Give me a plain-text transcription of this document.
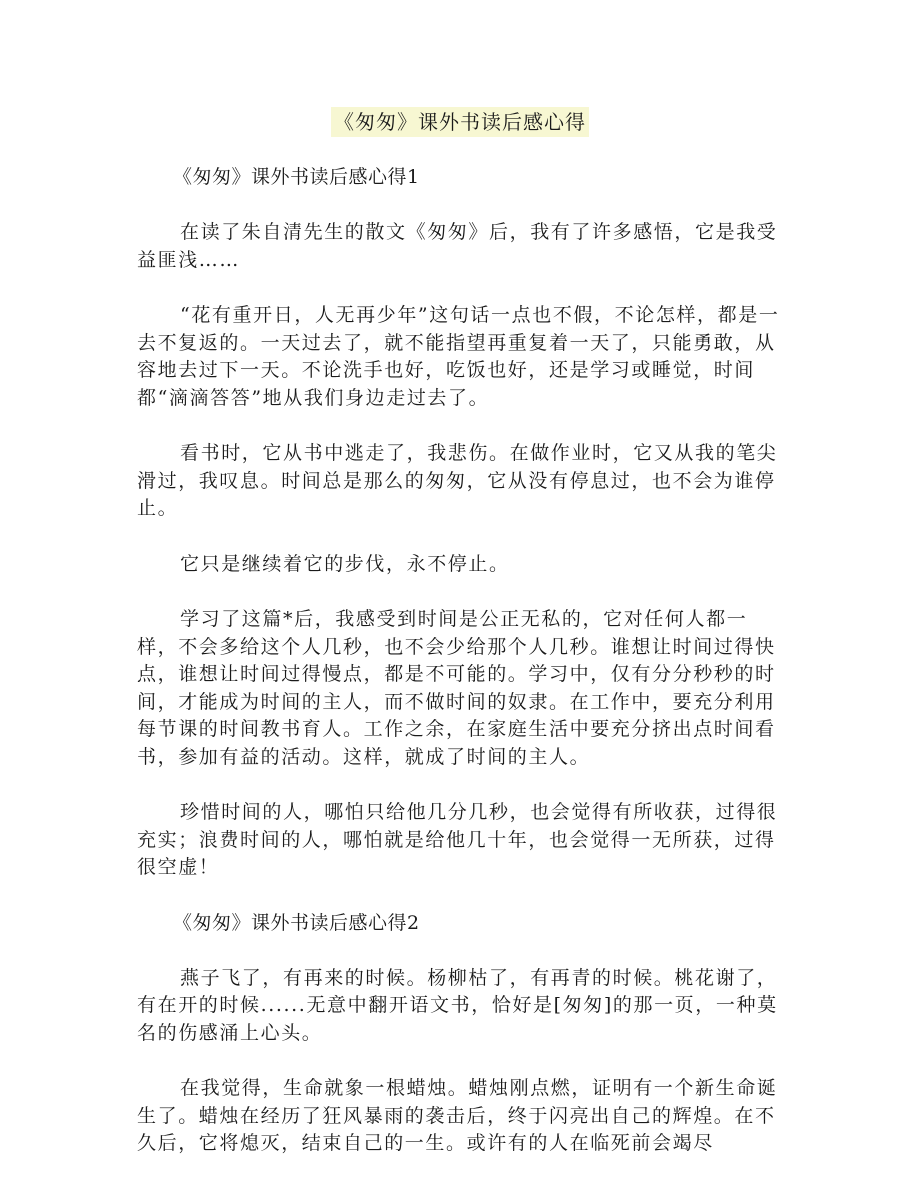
《匆匆》课外书读后感心得

《匆匆》课外书读后感心得1

在读了朱自清先生的散文《匆匆》后，我有了许多感悟，它是我受益匪浅……

“花有重开日，人无再少年”这句话一点也不假，不论怎样，都是一去不复返的。一天过去了，就不能指望再重复着一天了，只能勇敢，从容地去过下一天。不论洗手也好，吃饭也好，还是学习或睡觉，时间都“滴滴答答”地从我们身边走过去了。

看书时，它从书中逃走了，我悲伤。在做作业时，它又从我的笔尖滑过，我叹息。时间总是那么的匆匆，它从没有停息过，也不会为谁停止。

它只是继续着它的步伐，永不停止。

学习了这篇*后，我感受到时间是公正无私的，它对任何人都一样，不会多给这个人几秒，也不会少给那个人几秒。谁想让时间过得快点，谁想让时间过得慢点，都是不可能的。学习中，仅有分分秒秒的时间，才能成为时间的主人，而不做时间的奴隶。在工作中，要充分利用每节课的时间教书育人。工作之余，在家庭生活中要充分挤出点时间看书，参加有益的活动。这样，就成了时间的主人。

珍惜时间的人，哪怕只给他几分几秒，也会觉得有所收获，过得很充实；浪费时间的人，哪怕就是给他几十年，也会觉得一无所获，过得很空虚！

《匆匆》课外书读后感心得2

燕子飞了，有再来的时候。杨柳枯了，有再青的时候。桃花谢了，有在开的时候......无意中翻开语文书，恰好是[匆匆]的那一页，一种莫名的伤感涌上心头。

在我觉得，生命就象一根蜡烛。蜡烛刚点燃，证明有一个新生命诞生了。蜡烛在经历了狂风暴雨的袭击后，终于闪亮出自己的辉煌。在不久后，它将熄灭，结束自己的一生。或许有的人在临死前会竭尽
